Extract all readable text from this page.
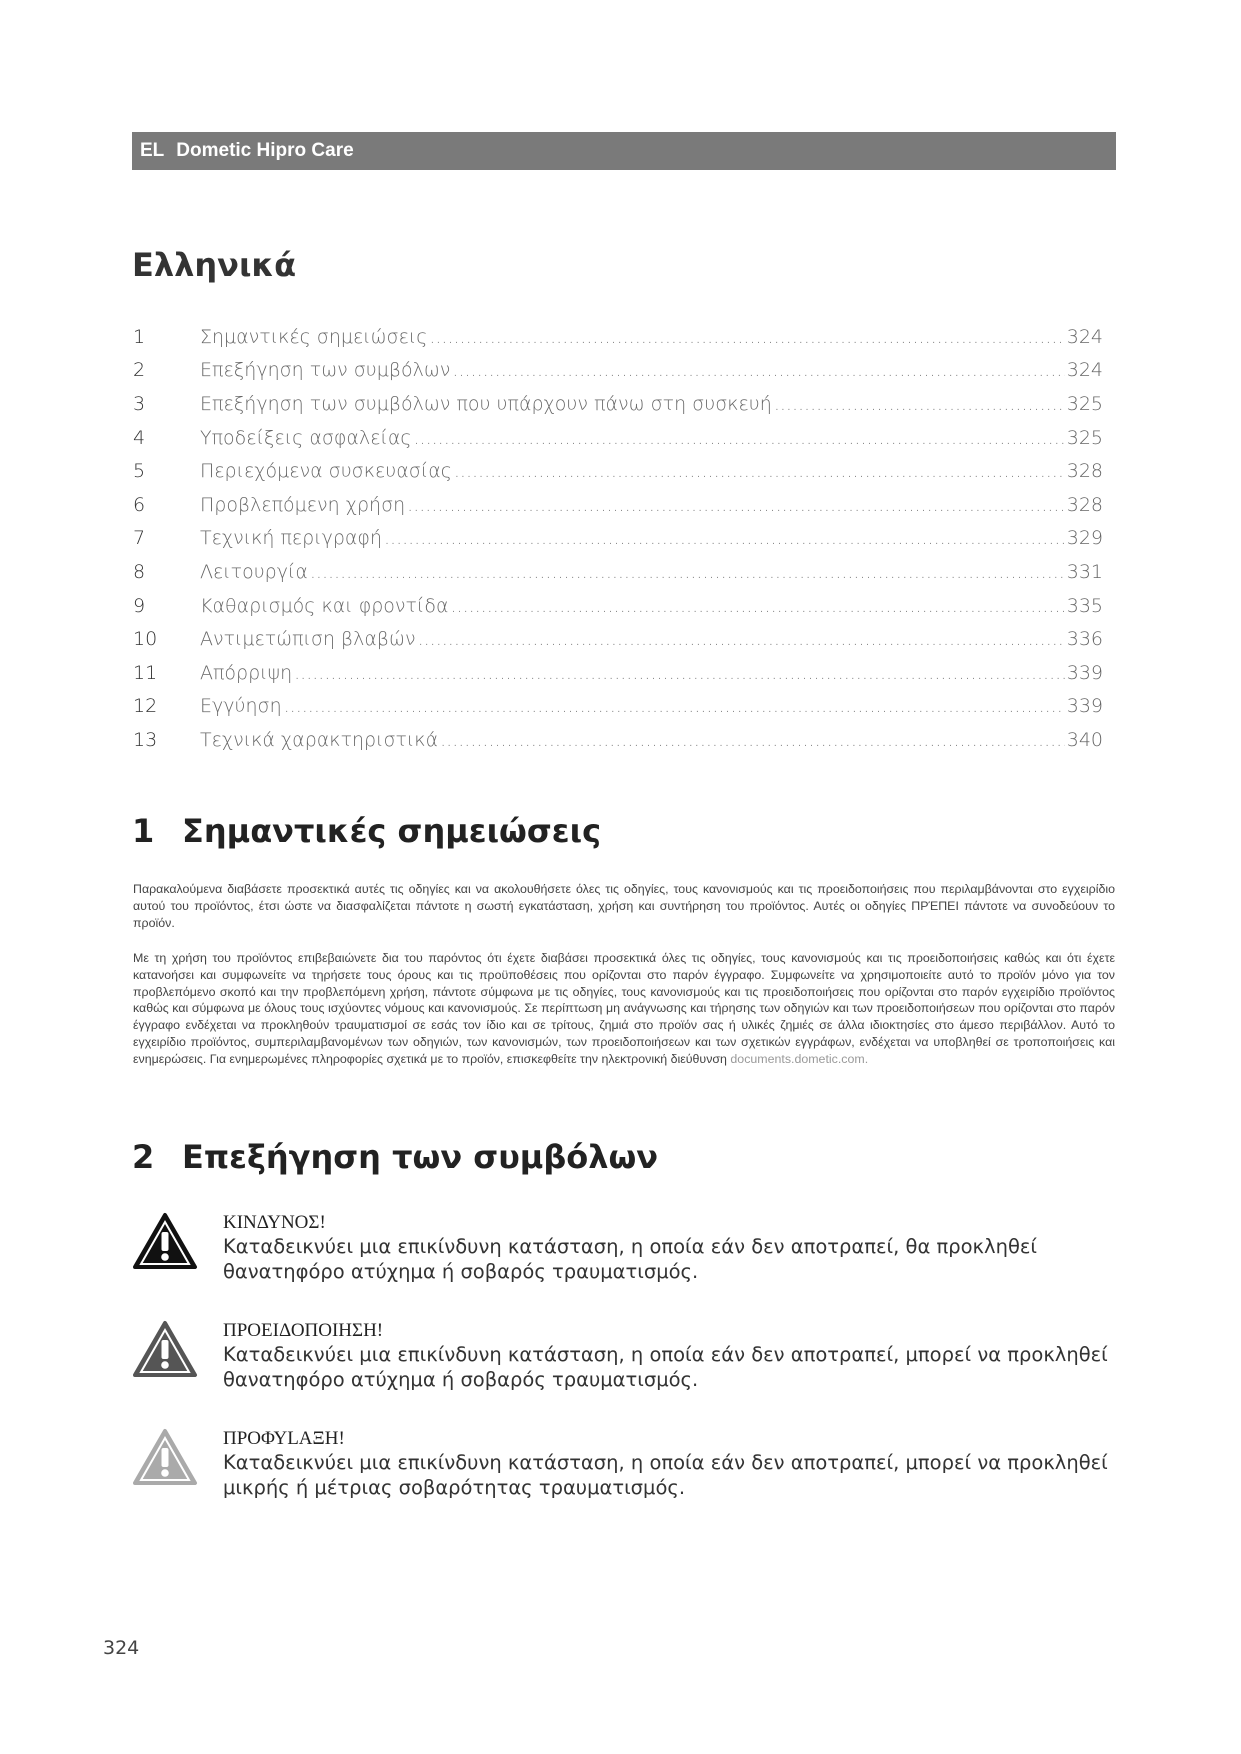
EL Dometic Hipro Care
Ελληνικά
1	Σημαντικές σημειώσεις .....	324
2	Επεξήγηση των συμβόλων .....	324
3	Επεξήγηση των συμβόλων που υπάρχουν πάνω στη συσκευή .....	325
4	Υποδείξεις ασφαλείας .....	325
5	Περιεχόμενα συσκευασίας .....	328
6	Προβλεπόμενη χρήση .....	328
7	Τεχνική περιγραφή .....	329
8	Λειτουργία .....	331
9	Καθαρισμός και φροντίδα .....	335
10	Αντιμετώπιση βλαβών .....	336
11	Απόρριψη .....	339
12	Εγγύηση .....	339
13	Τεχνικά χαρακτηριστικά .....	340
1 Σημαντικές σημειώσεις
Παρακαλούμενα διαβάσετε προσεκτικά αυτές τις οδηγίες και να ακολουθήσετε όλες τις οδηγίες, τους κανονισμούς και τις προειδοποιήσεις που περιλαμβάνονται στο εγχειρίδιο αυτού του προϊόντος, έτσι ώστε να διασφαλίζεται πάντοτε η σωστή εγκατάσταση, χρήση και συντήρηση του προϊόντος. Αυτές οι οδηγίες ΠΡΈΠΕΙ πάντοτε να συνοδεύουν το προϊόν.
Με τη χρήση του προϊόντος επιβεβαιώνετε δια του παρόντος ότι έχετε διαβάσει προσεκτικά όλες τις οδηγίες, τους κανονισμούς και τις προειδοποιήσεις καθώς και ότι έχετε κατανοήσει και συμφωνείτε να τηρήσετε τους όρους και τις προϋποθέσεις που ορίζονται στο παρόν έγγραφο. Συμφωνείτε να χρησιμοποιείτε αυτό το προϊόν μόνο για τον προβλεπόμενο σκοπό και την προβλεπόμενη χρήση, πάντοτε σύμφωνα με τις οδηγίες, τους κανονισμούς και τις προειδοποιήσεις που ορίζονται στο παρόν εγχειρίδιο προϊόντος καθώς και σύμφωνα με όλους τους ισχύοντες νόμους και κανονισμούς. Σε περίπτωση μη ανάγνωσης και τήρησης των οδηγιών και των προειδοποιήσεων που ορίζονται στο παρόν έγγραφο ενδέχεται να προκληθούν τραυματισμοί σε εσάς τον ίδιο και σε τρίτους, ζημιά στο προϊόν σας ή υλικές ζημιές σε άλλα ιδιοκτησίες στο άμεσο περιβάλλον. Αυτό το εγχειρίδιο προϊόντος, συμπεριλαμβανομένων των οδηγιών, των κανονισμών, των προειδοποιήσεων και των σχετικών εγγράφων, ενδέχεται να υποβληθεί σε τροποποιήσεις και ενημερώσεις. Για ενημερωμένες πληροφορίες σχετικά με το προϊόν, επισκεφθείτε την ηλεκτρονική διεύθυνση documents.dometic.com.
2 Επεξήγηση των συμβόλων
ΚΙΝΔΥΝΟΣ!
Καταδεικνύει μια επικίνδυνη κατάσταση, η οποία εάν δεν αποτραπεί, θα προκληθεί θανατηφόρο ατύχημα ή σοβαρός τραυματισμός.
ΠΡΟΕΙΔΟΠΟΙΗΣΗ!
Καταδεικνύει μια επικίνδυνη κατάσταση, η οποία εάν δεν αποτραπεί, μπορεί να προκληθεί θανατηφόρο ατύχημα ή σοβαρός τραυματισμός.
ΠΡΟΦΥLΑΞΗ!
Καταδεικνύει μια επικίνδυνη κατάσταση, η οποία εάν δεν αποτραπεί, μπορεί να προκληθεί μικρής ή μέτριας σοβαρότητας τραυματισμός.
324
